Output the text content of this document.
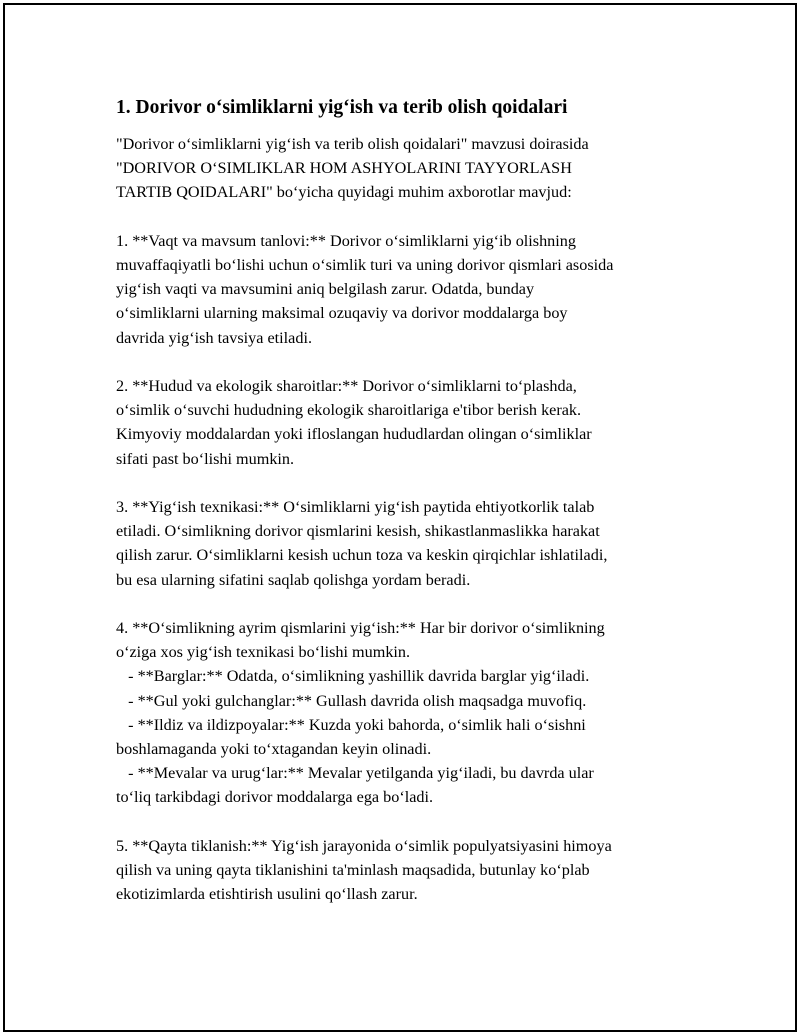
1. Dorivor o‘simliklarni yig‘ish va terib olish qoidalari

"Dorivor o‘simliklarni yig‘ish va terib olish qoidalari" mavzusi doirasida

"DORIVOR O‘SIMLIKLAR HOM ASHYOLARINI TAYYORLASH

TARTIB QOIDALARI" bo‘yicha quyidagi muhim axborotlar mavjud:

1. **Vaqt va mavsum tanlovi:** Dorivor o‘simliklarni yig‘ib olishning

muvaffaqiyatli bo‘lishi uchun o‘simlik turi va uning dorivor qismlari asosida

yig‘ish vaqti va mavsumini aniq belgilash zarur. Odatda, bunday

o‘simliklarni ularning maksimal ozuqaviy va dorivor moddalarga boy

davrida yig‘ish tavsiya etiladi.

2. **Hudud va ekologik sharoitlar:** Dorivor o‘simliklarni to‘plashda,

o‘simlik o‘suvchi hududning ekologik sharoitlariga e'tibor berish kerak.

Kimyoviy moddalardan yoki ifloslangan hududlardan olingan o‘simliklar

sifati past bo‘lishi mumkin.

3. **Yig‘ish texnikasi:** O‘simliklarni yig‘ish paytida ehtiyotkorlik talab

etiladi. O‘simlikning dorivor qismlarini kesish, shikastlanmaslikka harakat

qilish zarur. O‘simliklarni kesish uchun toza va keskin qirqichlar ishlatiladi,

bu esa ularning sifatini saqlab qolishga yordam beradi.

4. **O‘simlikning ayrim qismlarini yig‘ish:** Har bir dorivor o‘simlikning

o‘ziga xos yig‘ish texnikasi bo‘lishi mumkin.

- **Barglar:** Odatda, o‘simlikning yashillik davrida barglar yig‘iladi.

- **Gul yoki gulchanglar:** Gullash davrida olish maqsadga muvofiq.

- **Ildiz va ildizpoyalar:** Kuzda yoki bahorda, o‘simlik hali o‘sishni

boshlamaganda yoki to‘xtagandan keyin olinadi.

- **Mevalar va urug‘lar:** Mevalar yetilganda yig‘iladi, bu davrda ular

to‘liq tarkibdagi dorivor moddalarga ega bo‘ladi.

5. **Qayta tiklanish:** Yig‘ish jarayonida o‘simlik populyatsiyasini himoya

qilish va uning qayta tiklanishini ta'minlash maqsadida, butunlay ko‘plab

ekotizimlarda etishtirish usulini qo‘llash zarur.
